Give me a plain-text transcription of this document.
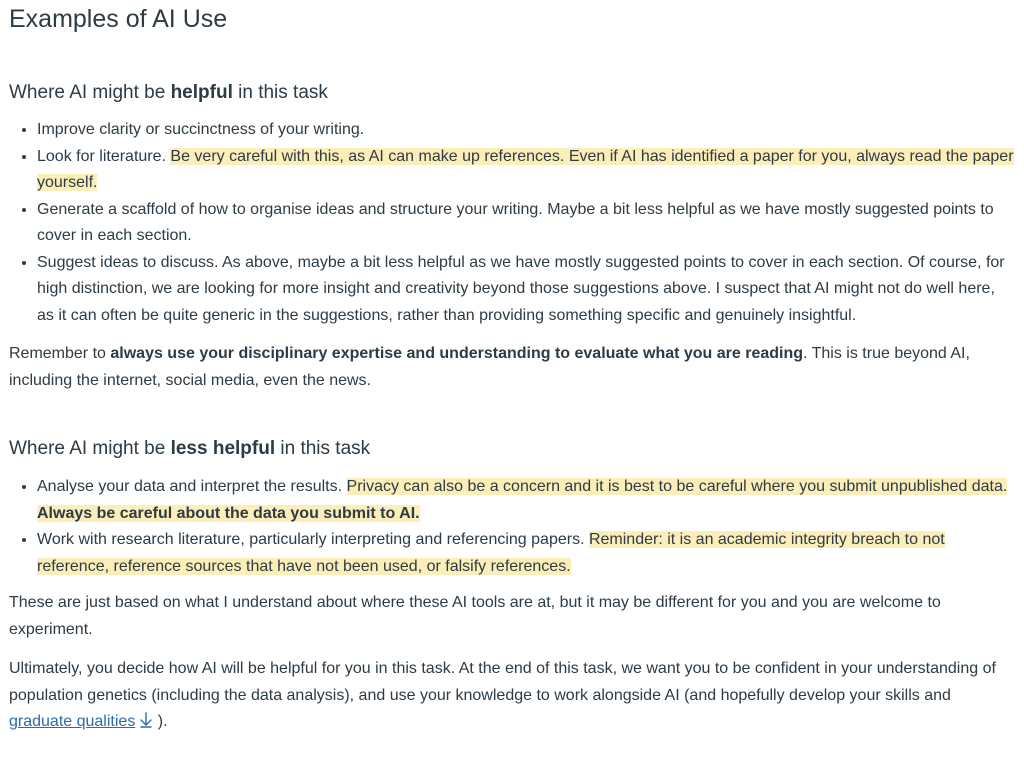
Examples of AI Use
Where AI might be helpful in this task
• Improve clarity or succinctness of your writing.
• Look for literature. Be very careful with this, as AI can make up references. Even if AI has identified a paper for you, always read the paper yourself.
• Generate a scaffold of how to organise ideas and structure your writing. Maybe a bit less helpful as we have mostly suggested points to cover in each section.
• Suggest ideas to discuss. As above, maybe a bit less helpful as we have mostly suggested points to cover in each section. Of course, for high distinction, we are looking for more insight and creativity beyond those suggestions above. I suspect that AI might not do well here, as it can often be quite generic in the suggestions, rather than providing something specific and genuinely insightful.

Remember to always use your disciplinary expertise and understanding to evaluate what you are reading. This is true beyond AI, including the internet, social media, even the news.

Where AI might be less helpful in this task
• Analyse your data and interpret the results. Privacy can also be a concern and it is best to be careful where you submit unpublished data. Always be careful about the data you submit to AI.
• Work with research literature, particularly interpreting and referencing papers. Reminder: it is an academic integrity breach to not reference, reference sources that have not been used, or falsify references.

These are just based on what I understand about where these AI tools are at, but it may be different for you and you are welcome to experiment.

Ultimately, you decide how AI will be helpful for you in this task. At the end of this task, we want you to be confident in your understanding of population genetics (including the data analysis), and use your knowledge to work alongside AI (and hopefully develop your skills and graduate qualities ).
